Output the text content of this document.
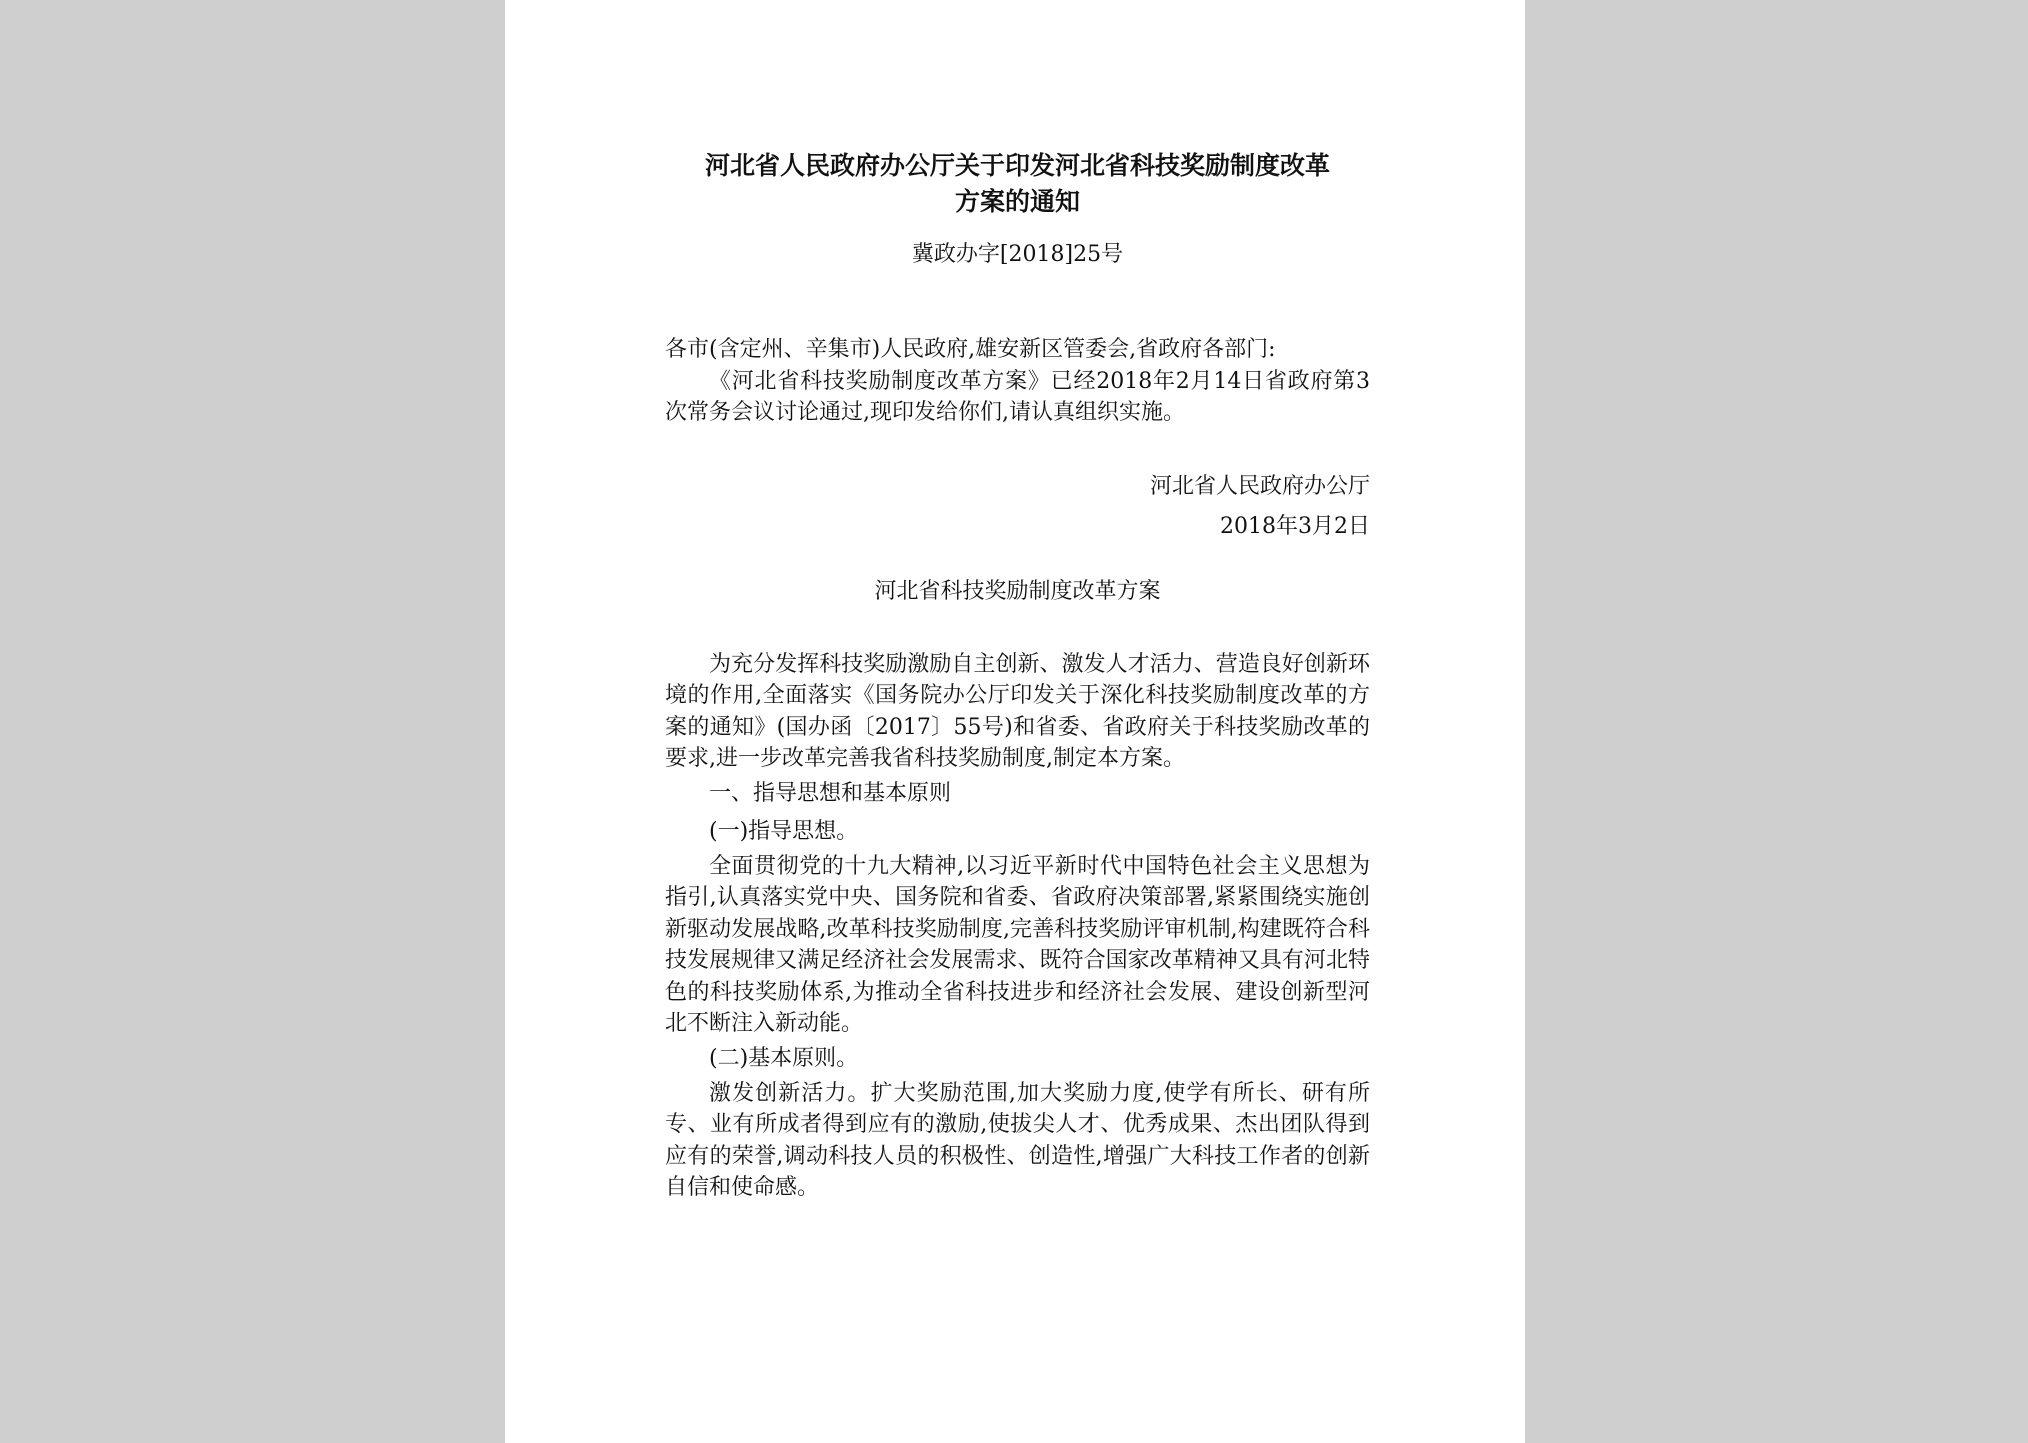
河北省人民政府办公厅关于印发河北省科技奖励制度改革
方案的通知

冀政办字[2018]25号

各市(含定州、辛集市)人民政府,雄安新区管委会,省政府各部门:

《河北省科技奖励制度改革方案》已经2018年2月14日省政府第3次常务会议讨论通过,现印发给你们,请认真组织实施。

河北省人民政府办公厅
2018年3月2日

河北省科技奖励制度改革方案

为充分发挥科技奖励激励自主创新、激发人才活力、营造良好创新环境的作用,全面落实《国务院办公厅印发关于深化科技奖励制度改革的方案的通知》(国办函〔2017〕55号)和省委、省政府关于科技奖励改革的要求,进一步改革完善我省科技奖励制度,制定本方案。

一、指导思想和基本原则

(一)指导思想。

全面贯彻党的十九大精神,以习近平新时代中国特色社会主义思想为指引,认真落实党中央、国务院和省委、省政府决策部署,紧紧围绕实施创新驱动发展战略,改革科技奖励制度,完善科技奖励评审机制,构建既符合科技发展规律又满足经济社会发展需求、既符合国家改革精神又具有河北特色的科技奖励体系,为推动全省科技进步和经济社会发展、建设创新型河北不断注入新动能。

(二)基本原则。

激发创新活力。扩大奖励范围,加大奖励力度,使学有所长、研有所专、业有所成者得到应有的激励,使拔尖人才、优秀成果、杰出团队得到应有的荣誉,调动科技人员的积极性、创造性,增强广大科技工作者的创新自信和使命感。
